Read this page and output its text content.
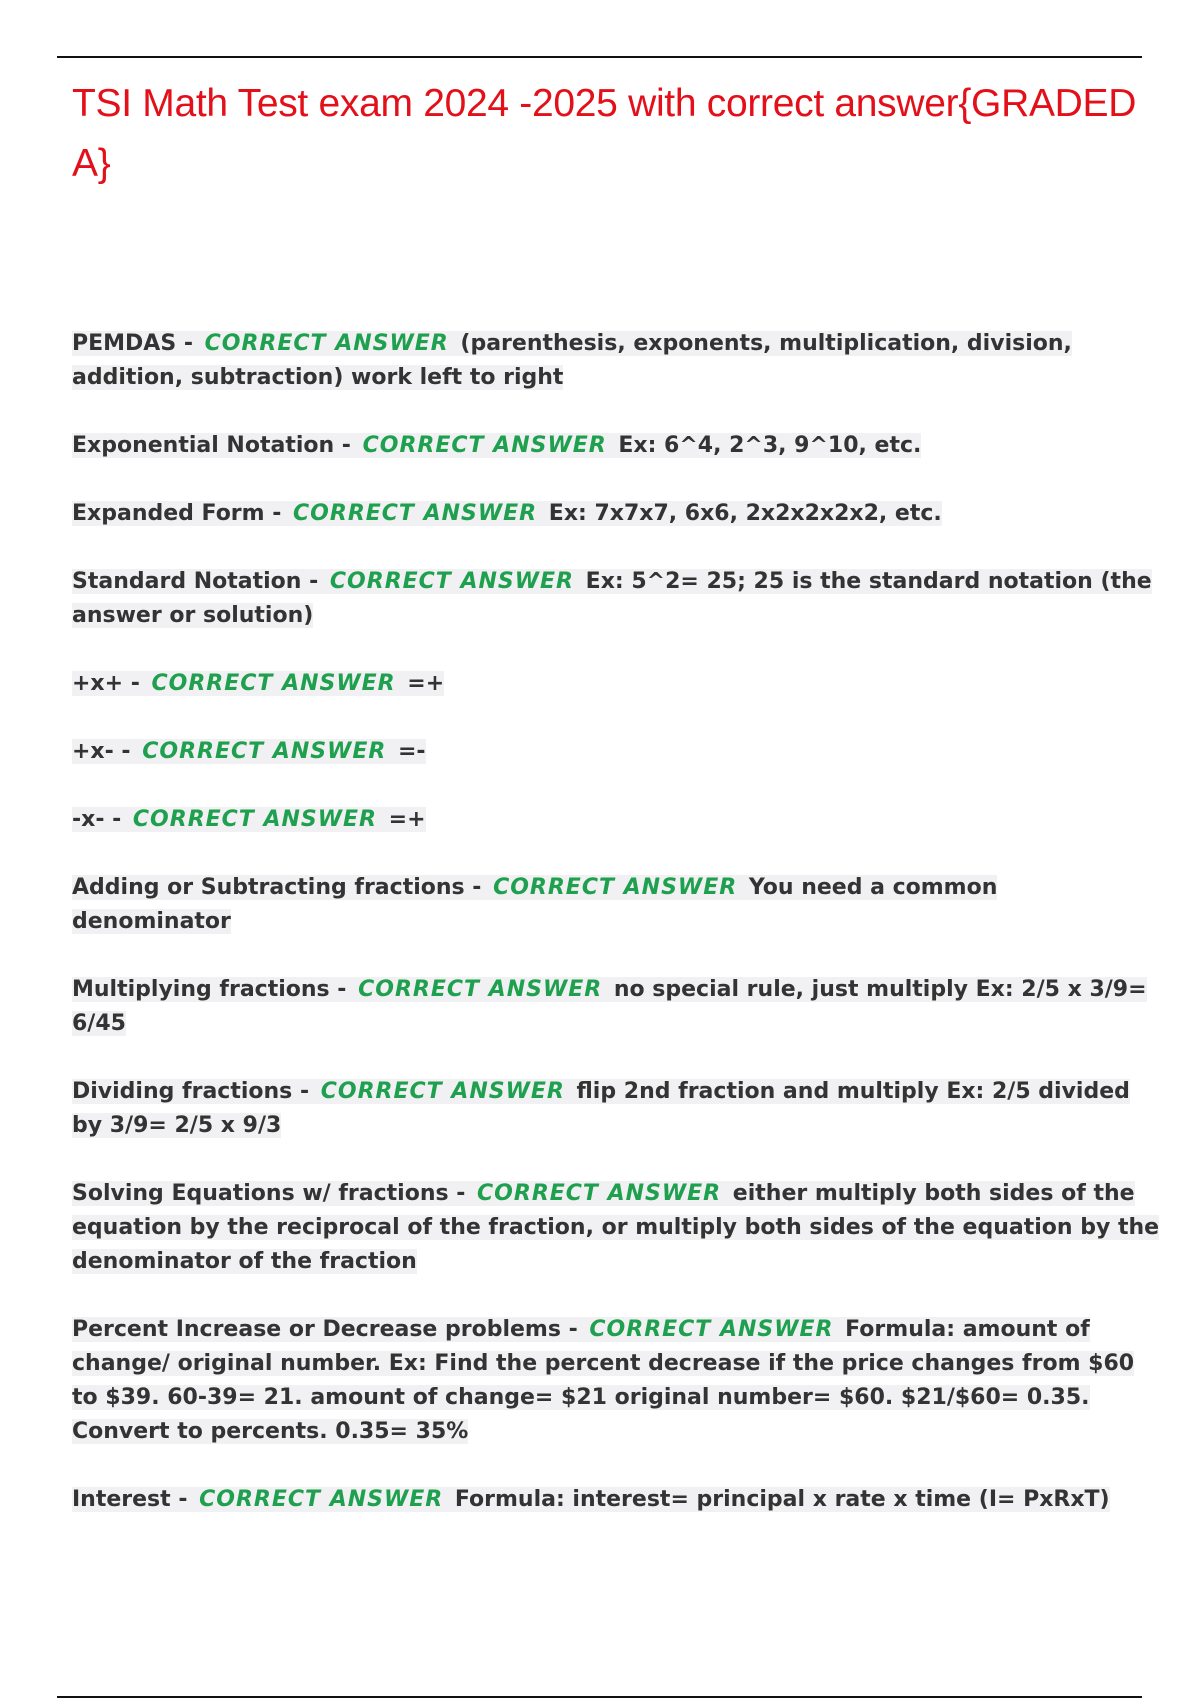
TSI Math Test exam 2024 -2025 with correct answer{GRADED A}

PEMDAS - CORRECT ANSWER (parenthesis, exponents, multiplication, division, addition, subtraction) work left to right

Exponential Notation - CORRECT ANSWER Ex: 6^4, 2^3, 9^10, etc.

Expanded Form - CORRECT ANSWER Ex: 7x7x7, 6x6, 2x2x2x2x2, etc.

Standard Notation - CORRECT ANSWER Ex: 5^2= 25; 25 is the standard notation (the answer or solution)

+x+ - CORRECT ANSWER =+

+x- - CORRECT ANSWER =-

-x- - CORRECT ANSWER =+

Adding or Subtracting fractions - CORRECT ANSWER You need a common denominator

Multiplying fractions - CORRECT ANSWER no special rule, just multiply Ex: 2/5 x 3/9= 6/45

Dividing fractions - CORRECT ANSWER flip 2nd fraction and multiply Ex: 2/5 divided by 3/9= 2/5 x 9/3

Solving Equations w/ fractions - CORRECT ANSWER either multiply both sides of the equation by the reciprocal of the fraction, or multiply both sides of the equation by the denominator of the fraction

Percent Increase or Decrease problems - CORRECT ANSWER Formula: amount of change/ original number. Ex: Find the percent decrease if the price changes from $60 to $39. 60-39= 21. amount of change= $21 original number= $60. $21/$60= 0.35. Convert to percents. 0.35= 35%

Interest - CORRECT ANSWER Formula: interest= principal x rate x time (I= PxRxT)
